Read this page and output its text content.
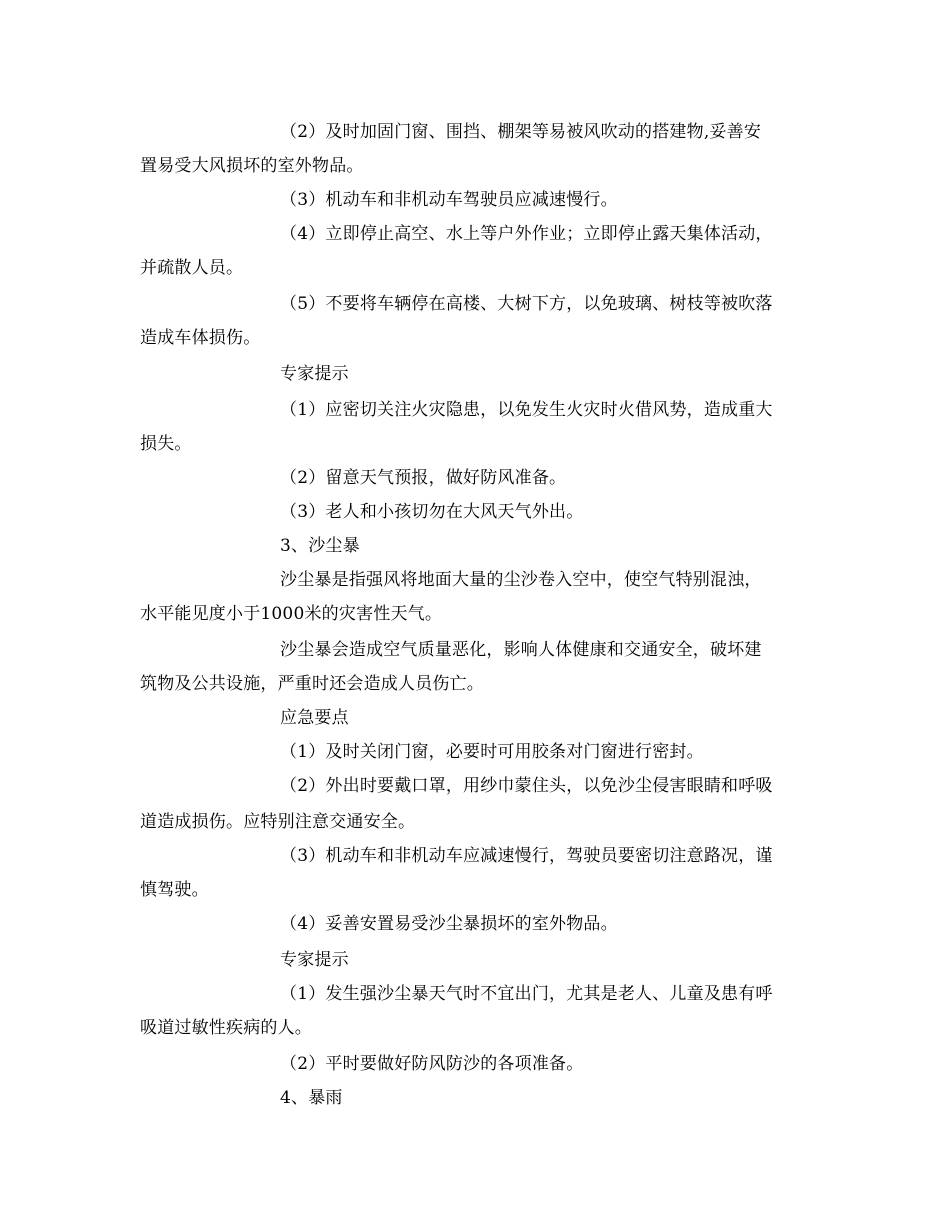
（2）及时加固门窗、围挡、棚架等易被风吹动的搭建物,妥善安
置易受大风损坏的室外物品。
（3）机动车和非机动车驾驶员应减速慢行。
（4）立即停止高空、水上等户外作业；立即停止露天集体活动，
并疏散人员。
（5）不要将车辆停在高楼、大树下方，以免玻璃、树枝等被吹落
造成车体损伤。
专家提示
（1）应密切关注火灾隐患，以免发生火灾时火借风势，造成重大
损失。
（2）留意天气预报，做好防风准备。
（3）老人和小孩切勿在大风天气外出。
3、沙尘暴
沙尘暴是指强风将地面大量的尘沙卷入空中，使空气特别混浊，
水平能见度小于1000米的灾害性天气。
沙尘暴会造成空气质量恶化，影响人体健康和交通安全，破坏建
筑物及公共设施，严重时还会造成人员伤亡。
应急要点
（1）及时关闭门窗，必要时可用胶条对门窗进行密封。
（2）外出时要戴口罩，用纱巾蒙住头，以免沙尘侵害眼睛和呼吸
道造成损伤。应特别注意交通安全。
（3）机动车和非机动车应减速慢行，驾驶员要密切注意路况，谨
慎驾驶。
（4）妥善安置易受沙尘暴损坏的室外物品。
专家提示
（1）发生强沙尘暴天气时不宜出门，尤其是老人、儿童及患有呼
吸道过敏性疾病的人。
（2）平时要做好防风防沙的各项准备。
4、暴雨
